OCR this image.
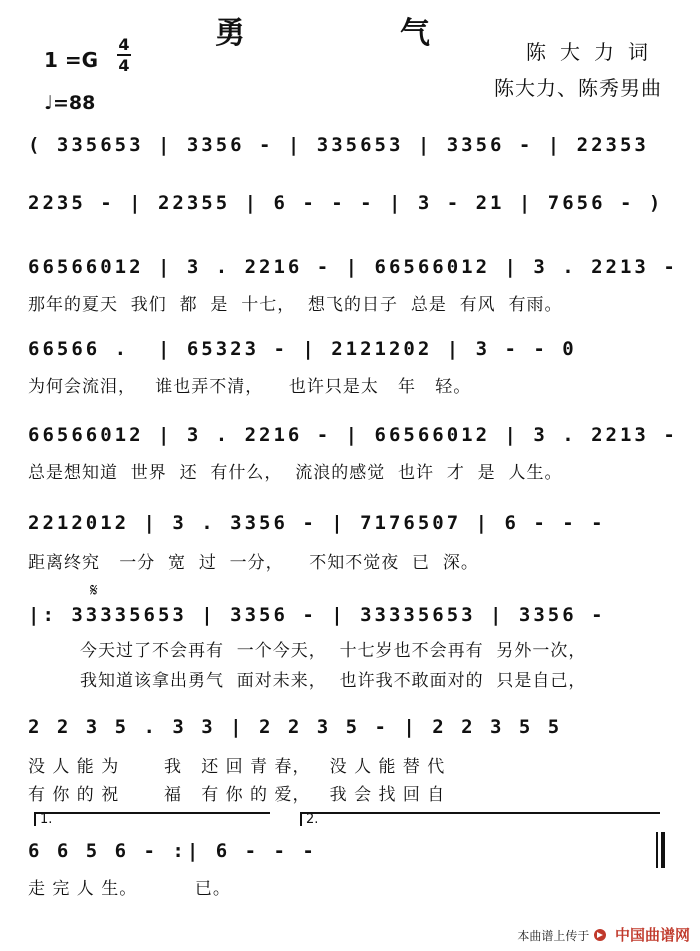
勇	气
1 =G
4
4
♩=88
陈大力词
陈大力、陈秀男曲
( 335653 | 3356 - | 335653 | 3356 - | 22353
2235 - | 22355 | 6 - - - | 3 - 21 | 7656 - )
66566012 | 3 . 2216 - | 66566012 | 3 . 2213 -
那年的夏天  我们  都  是  十七，  想飞的日子  总是  有风  有雨。
66566 .  | 65323 - | 2121202 | 3 - - 0
为何会流泪，   谁也弄不清，    也许只是太   年   轻。
66566012 | 3 . 2216 - | 66566012 | 3 . 2213 -
总是想知道  世界  还  有什么，  流浪的感觉  也许  才  是  人生。
2212012 | 3 . 3356 - | 7176507 | 6 - - -
距离终究   一分  宽  过  一分，    不知不觉夜  已  深。
𝄋
|: 33335653 | 3356 - | 33335653 | 3356 -
今天过了不会再有  一个今天，  十七岁也不会再有  另外一次，
我知道该拿出勇气  面对未来，  也许我不敢面对的  只是自己，
2 2 3 5 . 3 3 | 2 2 3 5 - | 2 2 3 5 5
没 人 能 为       我   还 回 青 春，   没 人 能 替 代
有 你 的 祝       福   有 你 的 爱，   我 会 找 回 自
1.	2.
6 6 5 6 - :| 6 - - -
走 完 人 生。         已。
本曲谱上传于 中国曲谱网
